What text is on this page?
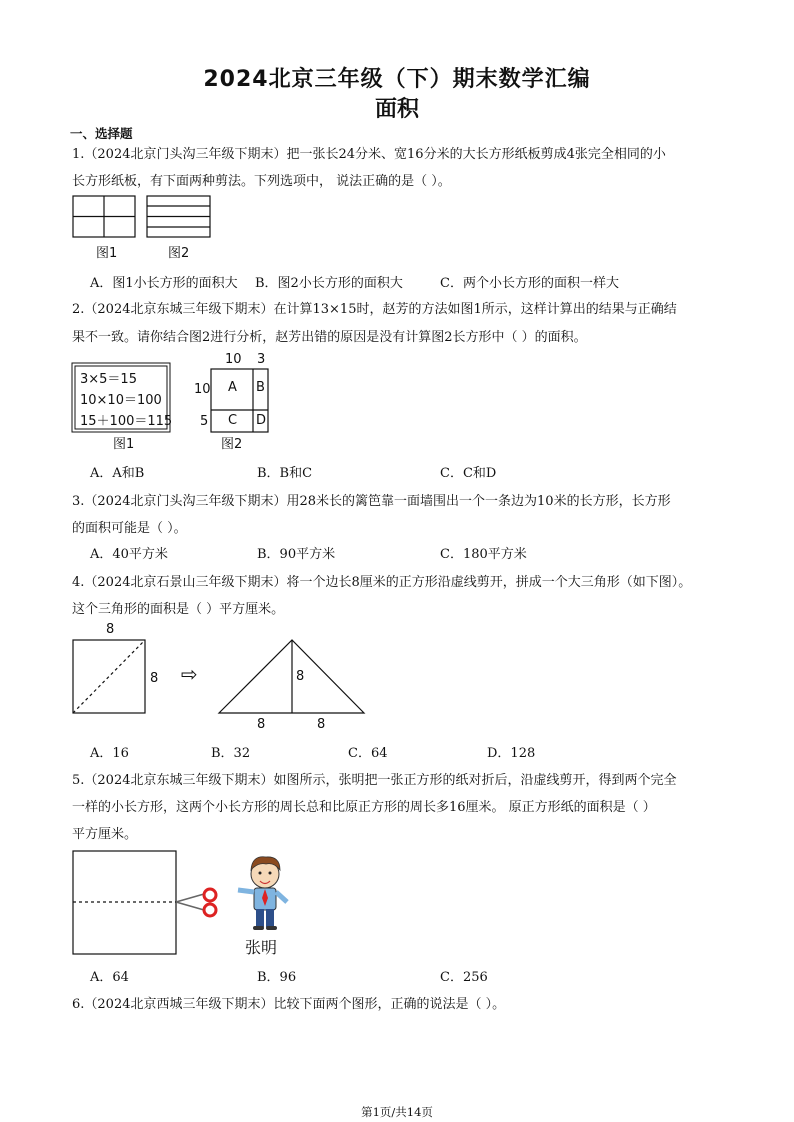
2024北京三年级（下）期末数学汇编
面积
一、选择题
1.（2024北京门头沟三年级下期末）把一张长24分米、宽16分米的大长方形纸板剪成4张完全相同的小
长方形纸板，有下面两种剪法。下列选项中， 说法正确的是（ ）。
图1	图2
A．图1小长方形的面积大 B．图2小长方形的面积大	C．两个小长方形的面积一样大
2.（2024北京东城三年级下期末）在计算13×15时，赵芳的方法如图1所示，这样计算出的结果与正确结
果不一致。请你结合图2进行分析，赵芳出错的原因是没有计算图2长方形中（ ）的面积。
3×5＝15
10×10＝100
15＋100＝115
图1
10 3
10
5
A B
C D
图2
A．A和B	B．B和C	C．C和D
3.（2024北京门头沟三年级下期末）用28米长的篱笆靠一面墙围出一个一条边为10米的长方形，长方形
的面积可能是（ ）。
A．40平方米	B．90平方米	C．180平方米
4.（2024北京石景山三年级下期末）将一个边长8厘米的正方形沿虚线剪开，拼成一个大三角形（如下图）。
这个三角形的面积是（ ）平方厘米。
8
8 ⇨	8
8	8
A．16	B．32	C．64	D．128
5.（2024北京东城三年级下期末）如图所示，张明把一张正方形的纸对折后，沿虚线剪开，得到两个完全
一样的小长方形，这两个小长方形的周长总和比原正方形的周长多16厘米。 原正方形纸的面积是（ ）
平方厘米。
张明
A．64	B．96	C．256
6.（2024北京西城三年级下期末）比较下面两个图形，正确的说法是（ ）。
第1页/共14页
